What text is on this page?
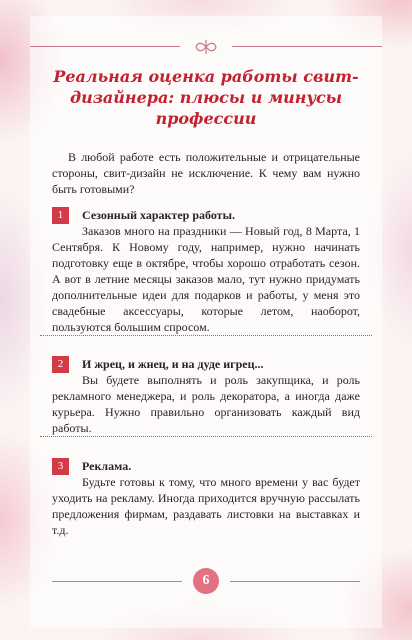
Реальная оценка работы свит-дизайнера: плюсы и минусы профессии

В любой работе есть положительные и отрицательные стороны, свит-дизайн не исключение. К чему вам нужно быть готовыми?

1	Сезонный характер работы.

Заказов много на праздники — Новый год, 8 Марта, 1 Сентября. К Новому году, например, нужно начинать подготовку еще в октябре, чтобы хорошо отработать сезон. А вот в летние месяцы заказов мало, тут нужно придумать дополнительные идеи для подарков и работы, у меня это свадебные аксессуары, которые летом, наоборот, пользуются большим спросом.

2	И жрец, и жнец, и на дуде игрец...

Вы будете выполнять и роль закупщика, и роль рекламного менеджера, и роль декоратора, а иногда даже курьера. Нужно правильно организовать каждый вид работы.

3	Реклама.

Будьте готовы к тому, что много времени у вас будет уходить на рекламу. Иногда приходится вручную рассылать предложения фирмам, раздавать листовки на выставках и т.д.

6
